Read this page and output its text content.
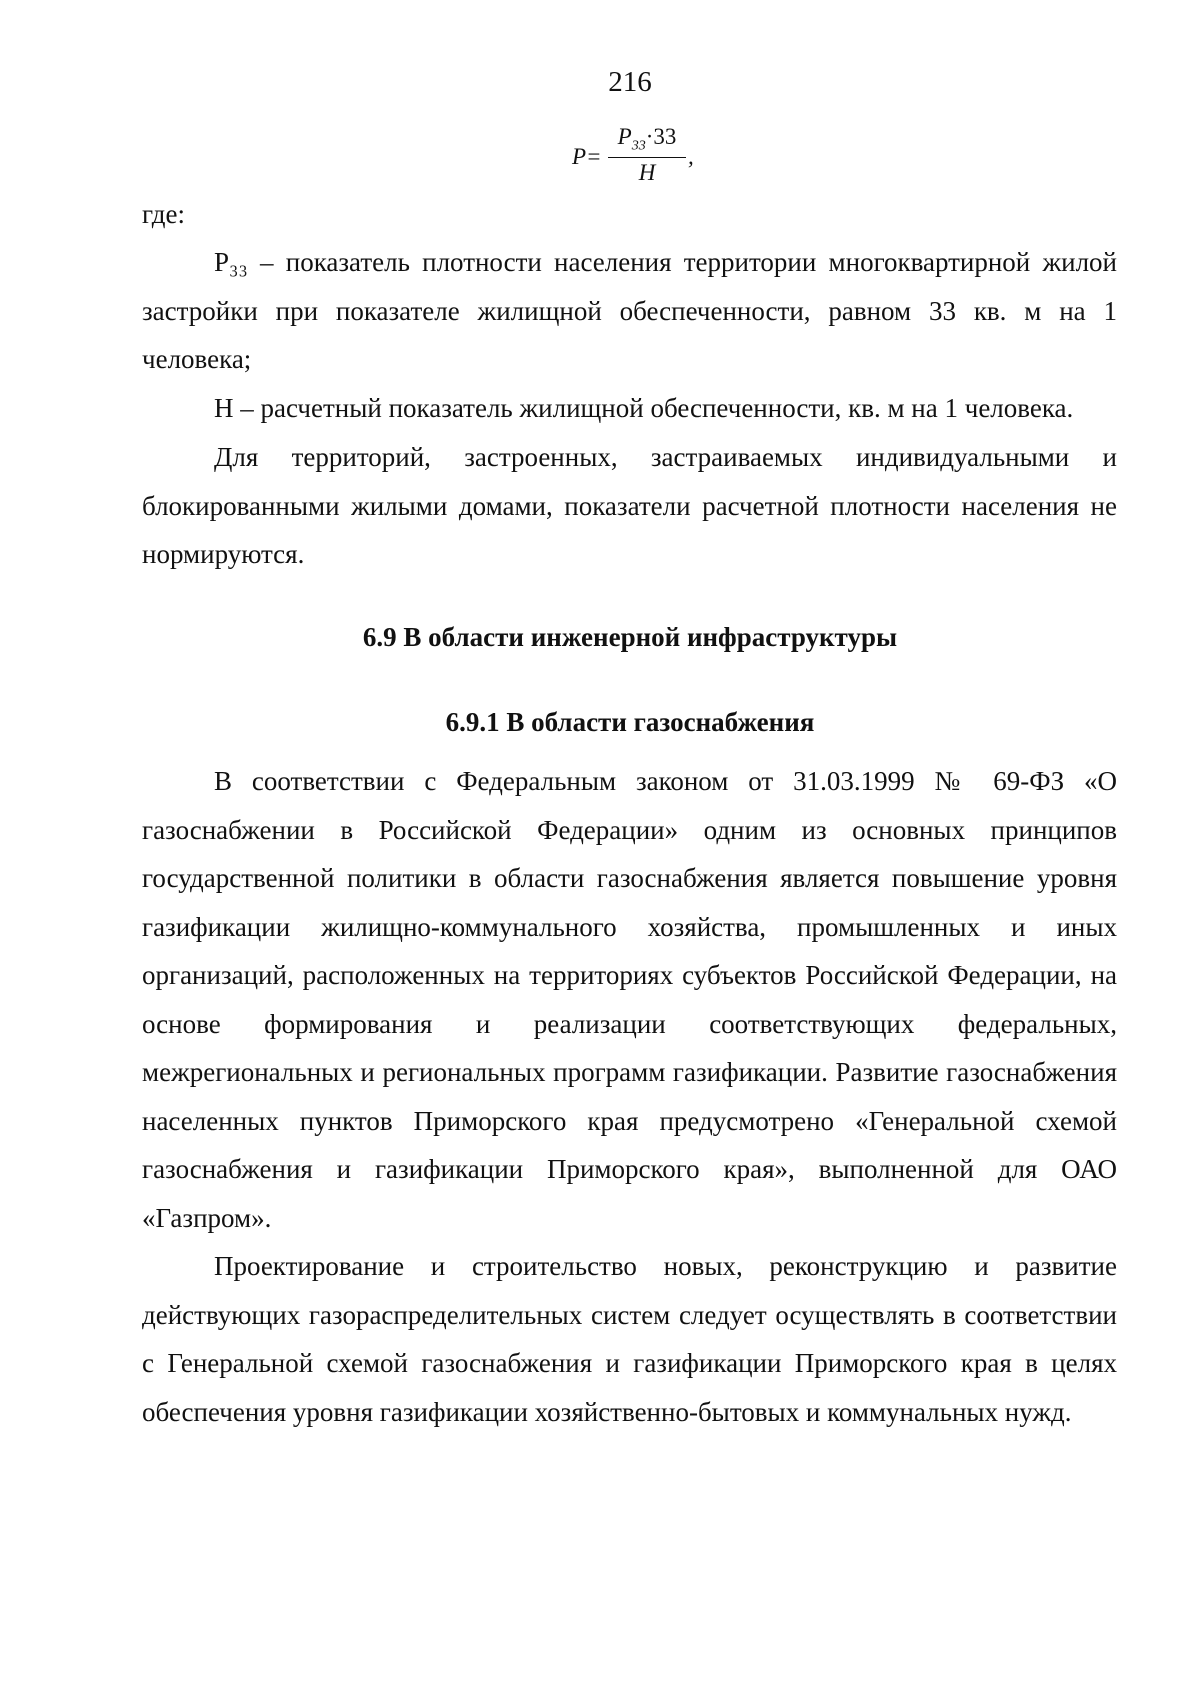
216
$P= \frac{P_{33}\cdot 33}{H}$ ,

где:

Р₃₃ – показатель плотности населения территории многоквартирной жилой застройки при показателе жилищной обеспеченности, равном 33 кв. м на 1 человека;

Н – расчетный показатель жилищной обеспеченности, кв. м на 1 человека.

Для территорий, застроенных, застраиваемых индивидуальными и блокированными жилыми домами, показатели расчетной плотности населения не нормируются.

6.9 В области инженерной инфраструктуры
6.9.1 В области газоснабжения

В соответствии с Федеральным законом от 31.03.1999 № 69-ФЗ «О газоснабжении в Российской Федерации» одним из основных принципов государственной политики в области газоснабжения является повышение уровня газификации жилищно-коммунального хозяйства, промышленных и иных организаций, расположенных на территориях субъектов Российской Федерации, на основе формирования и реализации соответствующих федеральных, межрегиональных и региональных программ газификации. Развитие газоснабжения населенных пунктов Приморского края предусмотрено «Генеральной схемой газоснабжения и газификации Приморского края», выполненной для ОАО «Газпром».

Проектирование и строительство новых, реконструкцию и развитие действующих газораспределительных систем следует осуществлять в соответствии с Генеральной схемой газоснабжения и газификации Приморского края в целях обеспечения уровня газификации хозяйственно-бытовых и коммунальных нужд.
